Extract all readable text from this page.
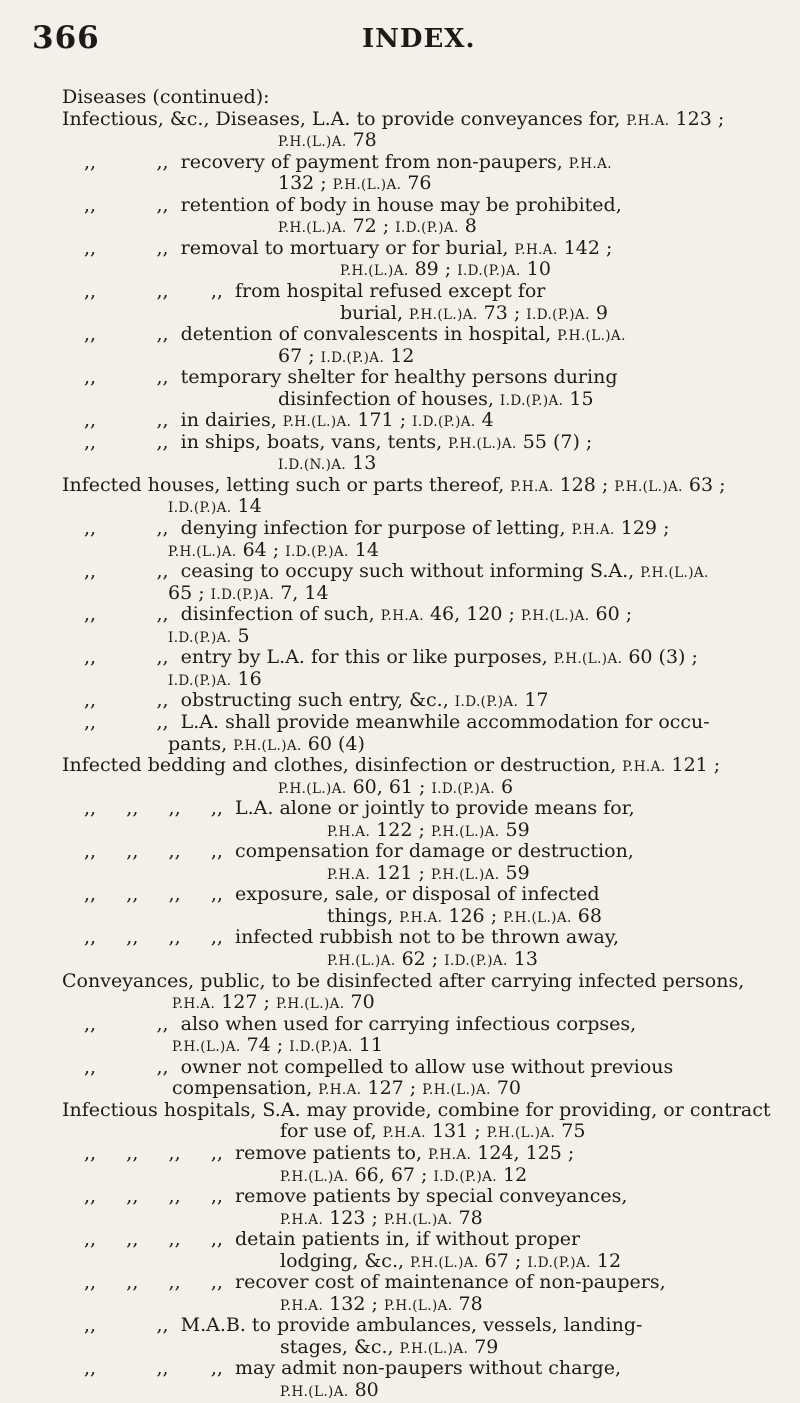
366	INDEX.
Diseases (continued):
Infectious, &c., Diseases, L.A. to provide conveyances for, P.H.A. 123 ;
P.H.(L.)A. 78
,,          ,,  recovery of payment from non-paupers, P.H.A.
132 ; P.H.(L.)A. 76
,,          ,,  retention of body in house may be prohibited,
P.H.(L.)A. 72 ; I.D.(P.)A. 8
,,          ,,  removal to mortuary or for burial, P.H.A. 142 ;
P.H.(L.)A. 89 ; I.D.(P.)A. 10
,,          ,,       ,,  from hospital refused except for
burial, P.H.(L.)A. 73 ; I.D.(P.)A. 9
,,          ,,  detention of convalescents in hospital, P.H.(L.)A.
67 ; I.D.(P.)A. 12
,,          ,,  temporary shelter for healthy persons during
disinfection of houses, I.D.(P.)A. 15
,,          ,,  in dairies, P.H.(L.)A. 171 ; I.D.(P.)A. 4
,,          ,,  in ships, boats, vans, tents, P.H.(L.)A. 55 (7) ;
I.D.(N.)A. 13
Infected houses, letting such or parts thereof, P.H.A. 128 ; P.H.(L.)A. 63 ;
I.D.(P.)A. 14
,,          ,,  denying infection for purpose of letting, P.H.A. 129 ;
P.H.(L.)A. 64 ; I.D.(P.)A. 14
,,          ,,  ceasing to occupy such without informing S.A., P.H.(L.)A.
65 ; I.D.(P.)A. 7, 14
,,          ,,  disinfection of such, P.H.A. 46, 120 ; P.H.(L.)A. 60 ;
I.D.(P.)A. 5
,,          ,,  entry by L.A. for this or like purposes, P.H.(L.)A. 60 (3) ;
I.D.(P.)A. 16
,,          ,,  obstructing such entry, &c., I.D.(P.)A. 17
,,          ,,  L.A. shall provide meanwhile accommodation for occu-
pants, P.H.(L.)A. 60 (4)
Infected bedding and clothes, disinfection or destruction, P.H.A. 121 ;
P.H.(L.)A. 60, 61 ; I.D.(P.)A. 6
,,     ,,     ,,     ,,  L.A. alone or jointly to provide means for,
P.H.A. 122 ; P.H.(L.)A. 59
,,     ,,     ,,     ,,  compensation for damage or destruction,
P.H.A. 121 ; P.H.(L.)A. 59
,,     ,,     ,,     ,,  exposure, sale, or disposal of infected
things, P.H.A. 126 ; P.H.(L.)A. 68
,,     ,,     ,,     ,,  infected rubbish not to be thrown away,
P.H.(L.)A. 62 ; I.D.(P.)A. 13
Conveyances, public, to be disinfected after carrying infected persons,
P.H.A. 127 ; P.H.(L.)A. 70
,,          ,,  also when used for carrying infectious corpses,
P.H.(L.)A. 74 ; I.D.(P.)A. 11
,,          ,,  owner not compelled to allow use without previous
compensation, P.H.A. 127 ; P.H.(L.)A. 70
Infectious hospitals, S.A. may provide, combine for providing, or contract
for use of, P.H.A. 131 ; P.H.(L.)A. 75
,,     ,,     ,,     ,,  remove patients to, P.H.A. 124, 125 ;
P.H.(L.)A. 66, 67 ; I.D.(P.)A. 12
,,     ,,     ,,     ,,  remove patients by special conveyances,
P.H.A. 123 ; P.H.(L.)A. 78
,,     ,,     ,,     ,,  detain patients in, if without proper
lodging, &c., P.H.(L.)A. 67 ; I.D.(P.)A. 12
,,     ,,     ,,     ,,  recover cost of maintenance of non-paupers,
P.H.A. 132 ; P.H.(L.)A. 78
,,          ,,  M.A.B. to provide ambulances, vessels, landing-
stages, &c., P.H.(L.)A. 79
,,          ,,       ,,  may admit non-paupers without charge,
P.H.(L.)A. 80
